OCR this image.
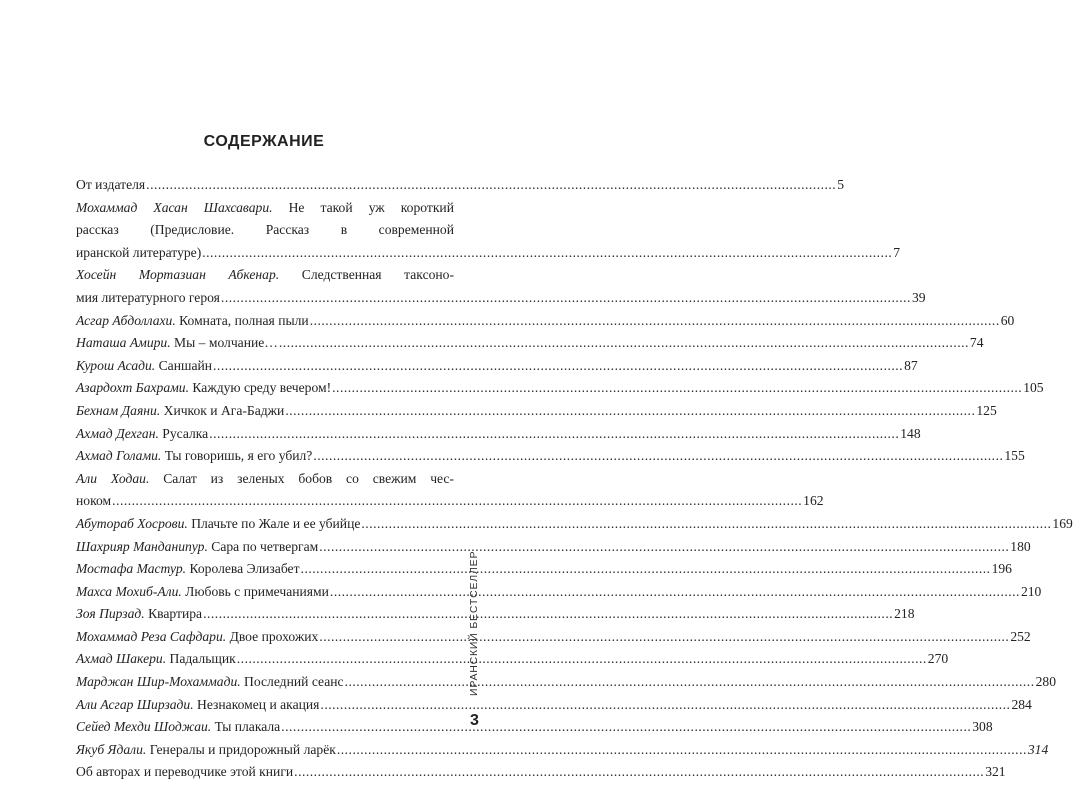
СОДЕРЖАНИЕ
От издателя .....	5
Мохаммад Хасан Шахсавари. Не такой уж короткий
рассказ (Предисловие. Рассказ в современной
иранской литературе) .....	7
Хосейн Мортазиан Абкенар. Следственная таксоно-
мия литературного героя .....	39
Асгар Абдоллахи. Комната, полная пыли .....	60
Наташа Амири. Мы – молчание… .....	74
Курош Асади. Саншайн .....	87
Азардохт Бахрами. Каждую среду вечером! .....	105
Бехнам Даяни. Хичкок и Ага-Баджи .....	125
Ахмад Дехган. Русалка .....	148
Ахмад Голами. Ты говоришь, я его убил? .....	155
Али Ходаи. Салат из зеленых бобов со свежим чес-
ноком .....	162
Абутораб Хосрови. Плачьте по Жале и ее убийце .....	169
Шахрияр Манданипур. Сара по четвергам .....	180
Мостафа Мастур. Королева Элизабет .....	196
Махса Мохиб-Али. Любовь с примечаниями .....	210
Зоя Пирзад. Квартира .....	218
Мохаммад Реза Сафдари. Двое прохожих .....	252
Ахмад Шакери. Падальщик .....	270
Марджан Шир-Мохаммади. Последний сеанс .....	280
Али Асгар Ширзади. Незнакомец и акация .....	284
Сейед Мехди Шоджаи. Ты плакала .....	308
Якуб Ядали. Генералы и придорожный ларёк .....	314
Об авторах и переводчике этой книги .....	321
ИРАНСКИЙ БЕСТСЕЛЛЕР
3
